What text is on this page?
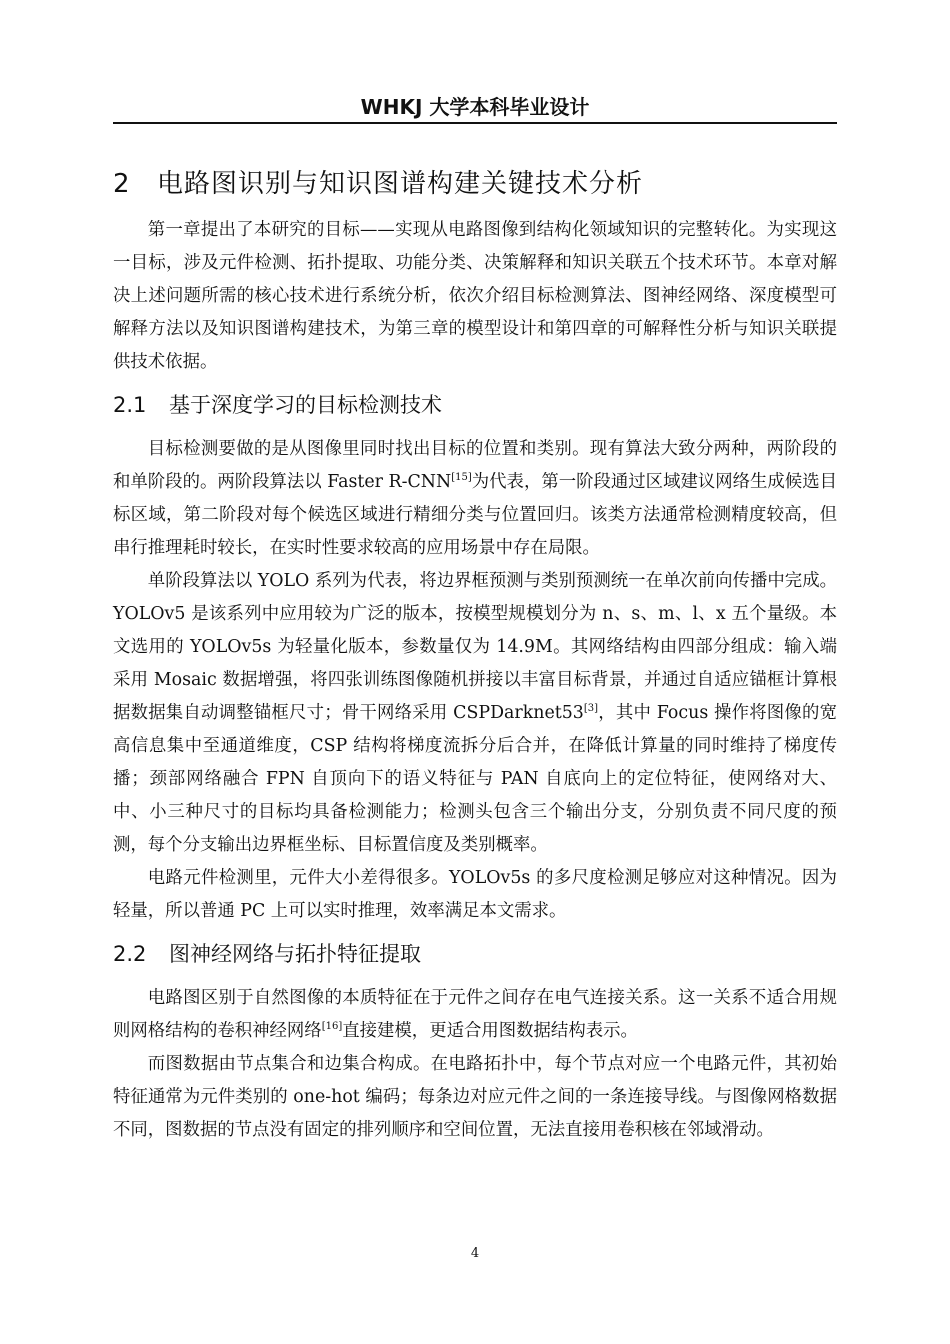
WHKJ 大学本科毕业设计
2 电路图识别与知识图谱构建关键技术分析

第一章提出了本研究的目标——实现从电路图像到结构化领域知识的完整转化。为实现这一目标，涉及元件检测、拓扑提取、功能分类、决策解释和知识关联五个技术环节。本章对解决上述问题所需的核心技术进行系统分析，依次介绍目标检测算法、图神经网络、深度模型可解释方法以及知识图谱构建技术，为第三章的模型设计和第四章的可解释性分析与知识关联提供技术依据。

2.1 基于深度学习的目标检测技术

目标检测要做的是从图像里同时找出目标的位置和类别。现有算法大致分两种，两阶段的和单阶段的。两阶段算法以 Faster R-CNN[15]为代表，第一阶段通过区域建议网络生成候选目标区域，第二阶段对每个候选区域进行精细分类与位置回归。该类方法通常检测精度较高，但串行推理耗时较长，在实时性要求较高的应用场景中存在局限。

单阶段算法以 YOLO 系列为代表，将边界框预测与类别预测统一在单次前向传播中完成。YOLOv5 是该系列中应用较为广泛的版本，按模型规模划分为 n、s、m、l、x 五个量级。本文选用的 YOLOv5s 为轻量化版本，参数量仅为 14.9M。其网络结构由四部分组成：输入端采用 Mosaic 数据增强，将四张训练图像随机拼接以丰富目标背景，并通过自适应锚框计算根据数据集自动调整锚框尺寸；骨干网络采用 CSPDarknet53[3]，其中 Focus 操作将图像的宽高信息集中至通道维度，CSP 结构将梯度流拆分后合并，在降低计算量的同时维持了梯度传播；颈部网络融合 FPN 自顶向下的语义特征与 PAN 自底向上的定位特征，使网络对大、中、小三种尺寸的目标均具备检测能力；检测头包含三个输出分支，分别负责不同尺度的预测，每个分支输出边界框坐标、目标置信度及类别概率。

电路元件检测里，元件大小差得很多。YOLOv5s 的多尺度检测足够应对这种情况。因为轻量，所以普通 PC 上可以实时推理，效率满足本文需求。

2.2 图神经网络与拓扑特征提取

电路图区别于自然图像的本质特征在于元件之间存在电气连接关系。这一关系不适合用规则网格结构的卷积神经网络[16]直接建模，更适合用图数据结构表示。

而图数据由节点集合和边集合构成。在电路拓扑中，每个节点对应一个电路元件，其初始特征通常为元件类别的 one-hot 编码；每条边对应元件之间的一条连接导线。与图像网格数据不同，图数据的节点没有固定的排列顺序和空间位置，无法直接用卷积核在邻域滑动。

4
